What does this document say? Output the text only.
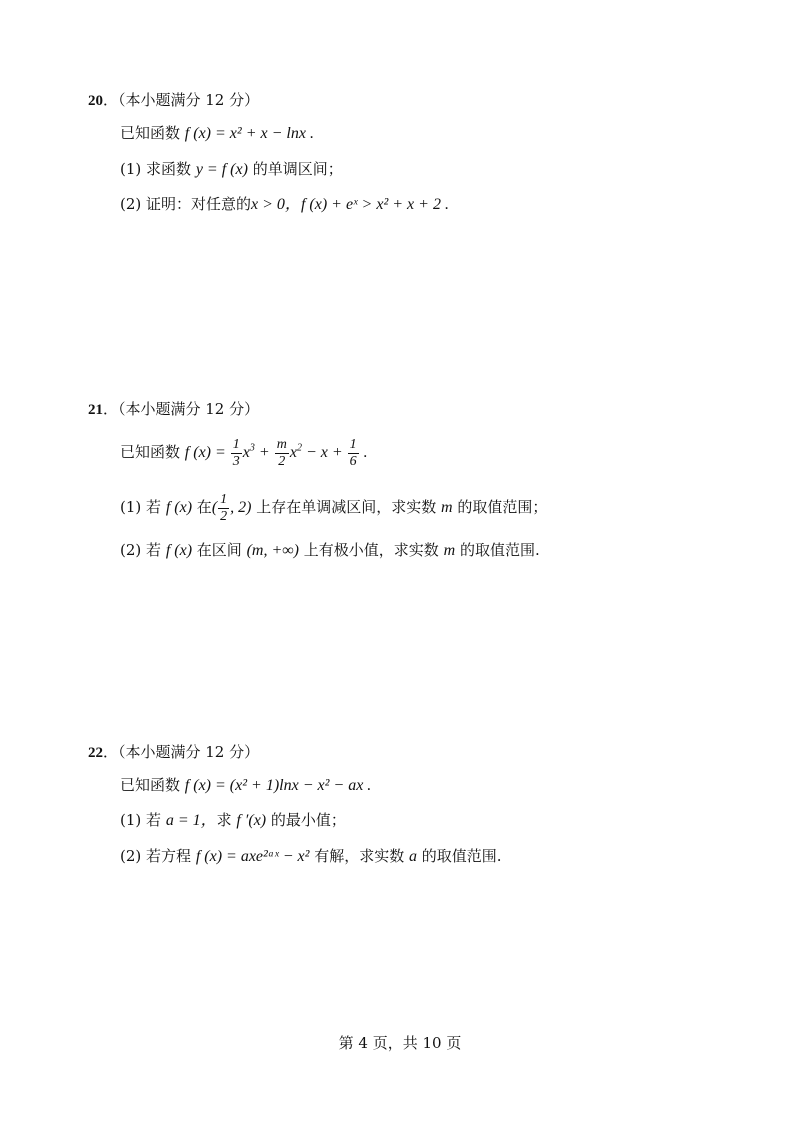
20．（本小题满分 12 分）
已知函数 f (x) = x² + x − lnx .
(1) 求函数 y = f (x) 的单调区间；
(2) 证明：对任意的x > 0，f (x) + eˣ > x² + x + 2 .
21．（本小题满分 12 分）
已知函数 f $(x) = \frac{1}{3} x^3 + \frac{m}{2} x^2 - x + \frac{1}{6}$ .
(1) 若 f (x) 在( $\frac{1}{2}$ , 2) 上存在单调减区间，求实数 m 的取值范围；
(2) 若 f (x) 在区间 (m, +∞) 上有极小值，求实数 m 的取值范围.
22．（本小题满分 12 分）
已知函数 f (x) = (x² + 1)lnx − x² − ax .
(1) 若 a = 1，求 f ′(x) 的最小值；
(2) 若方程 f (x) = axe²ᵃˣ − x² 有解，求实数 a 的取值范围.
第 4 页，共 10 页
